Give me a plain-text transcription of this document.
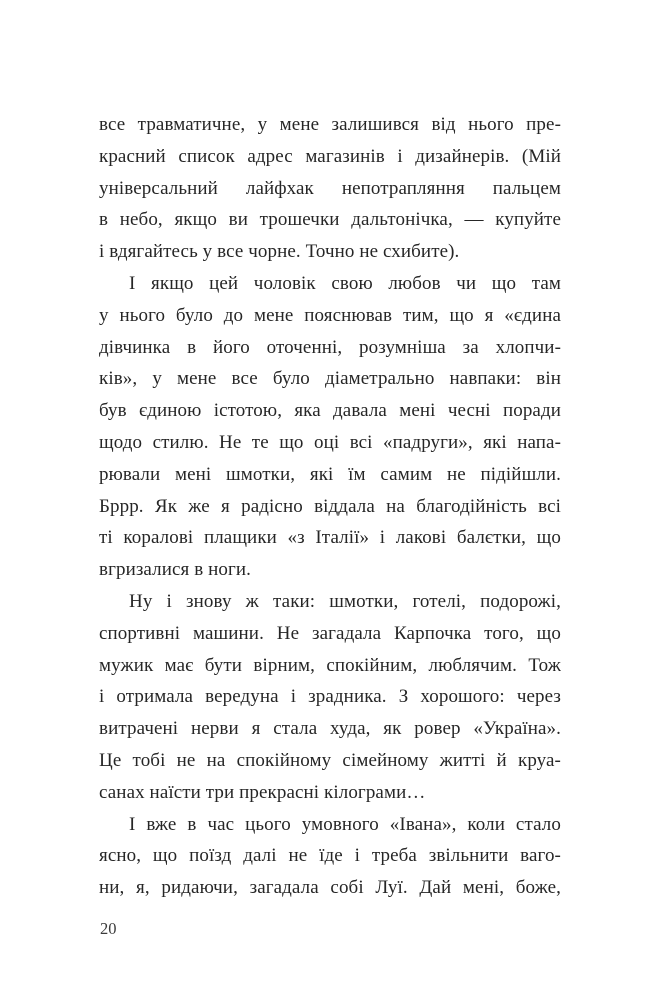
все травматичне, у мене залишився від нього пре-
красний список адрес магазинів і дизайнерів. (Мій
універсальний лайфхак непотрапляння пальцем
в небо, якщо ви трошечки дальтонічка, — купуйте
і вдягайтесь у все чорне. Точно не схибите).
І якщо цей чоловік свою любов чи що там
у нього було до мене пояснював тим, що я «єдина
дівчинка в його оточенні, розумніша за хлопчи-
ків», у мене все було діаметрально навпаки: він
був єдиною істотою, яка давала мені чесні поради
щодо стилю. Не те що оці всі «падруги», які напа-
рювали мені шмотки, які їм самим не підійшли.
Бррр. Як же я радісно віддала на благодійність всі
ті коралові плащики «з Італії» і лакові балєтки, що
вгризалися в ноги.
Ну і знову ж таки: шмотки, готелі, подорожі,
спортивні машини. Не загадала Карпочка того, що
мужик має бути вірним, спокійним, люблячим. Тож
і отримала вередуна і зрадника. З хорошого: через
витрачені нерви я стала худа, як ровер «Україна».
Це тобі не на спокійному сімейному житті й круа-
санах наїсти три прекрасні кілограми…
І вже в час цього умовного «Івана», коли стало
ясно, що поїзд далі не їде і треба звільнити ваго-
ни, я, ридаючи, загадала собі Луї. Дай мені, боже,
20
